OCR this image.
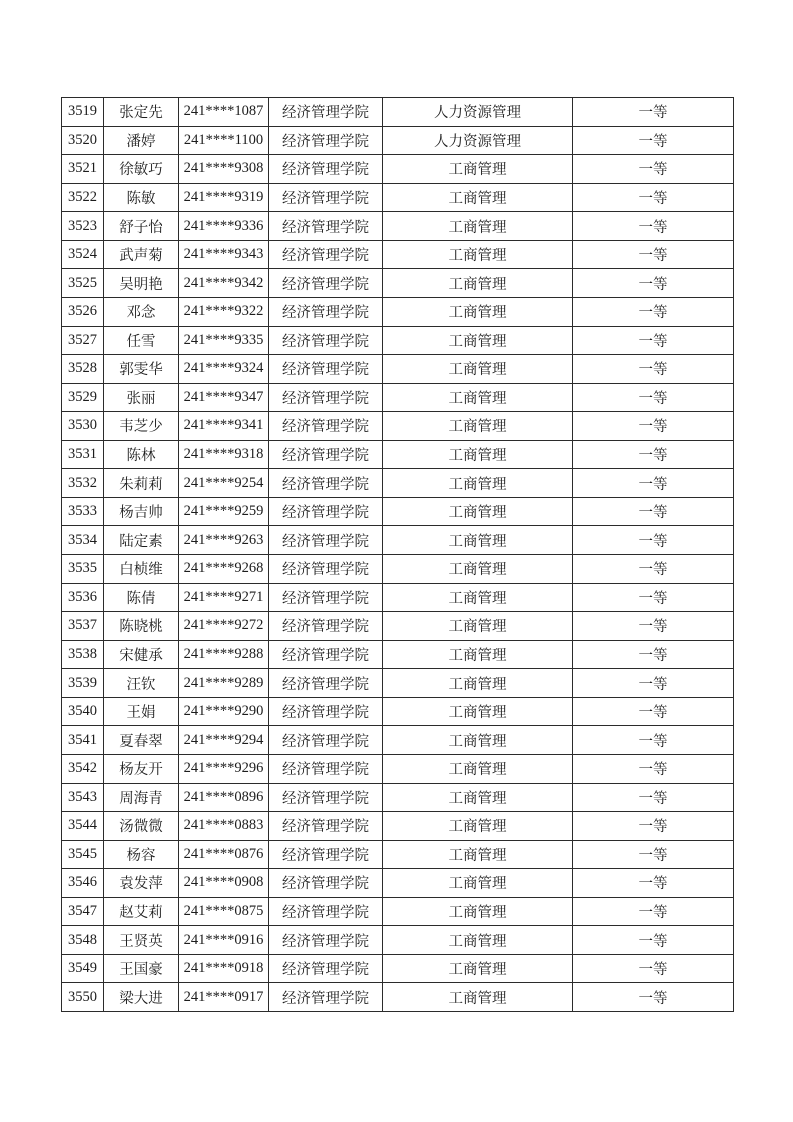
3519	张定先	241****1087	经济管理学院	人力资源管理	一等
3520	潘婷	241****1100	经济管理学院	人力资源管理	一等
3521	徐敏巧	241****9308	经济管理学院	工商管理	一等
3522	陈敏	241****9319	经济管理学院	工商管理	一等
3523	舒子怡	241****9336	经济管理学院	工商管理	一等
3524	武声菊	241****9343	经济管理学院	工商管理	一等
3525	吴明艳	241****9342	经济管理学院	工商管理	一等
3526	邓念	241****9322	经济管理学院	工商管理	一等
3527	任雪	241****9335	经济管理学院	工商管理	一等
3528	郭雯华	241****9324	经济管理学院	工商管理	一等
3529	张丽	241****9347	经济管理学院	工商管理	一等
3530	韦芝少	241****9341	经济管理学院	工商管理	一等
3531	陈林	241****9318	经济管理学院	工商管理	一等
3532	朱莉莉	241****9254	经济管理学院	工商管理	一等
3533	杨吉帅	241****9259	经济管理学院	工商管理	一等
3534	陆定素	241****9263	经济管理学院	工商管理	一等
3535	白桢维	241****9268	经济管理学院	工商管理	一等
3536	陈倩	241****9271	经济管理学院	工商管理	一等
3537	陈晓桃	241****9272	经济管理学院	工商管理	一等
3538	宋健承	241****9288	经济管理学院	工商管理	一等
3539	汪钦	241****9289	经济管理学院	工商管理	一等
3540	王娟	241****9290	经济管理学院	工商管理	一等
3541	夏春翠	241****9294	经济管理学院	工商管理	一等
3542	杨友开	241****9296	经济管理学院	工商管理	一等
3543	周海青	241****0896	经济管理学院	工商管理	一等
3544	汤微微	241****0883	经济管理学院	工商管理	一等
3545	杨容	241****0876	经济管理学院	工商管理	一等
3546	袁发萍	241****0908	经济管理学院	工商管理	一等
3547	赵艾莉	241****0875	经济管理学院	工商管理	一等
3548	王贤英	241****0916	经济管理学院	工商管理	一等
3549	王国豪	241****0918	经济管理学院	工商管理	一等
3550	梁大进	241****0917	经济管理学院	工商管理	一等
